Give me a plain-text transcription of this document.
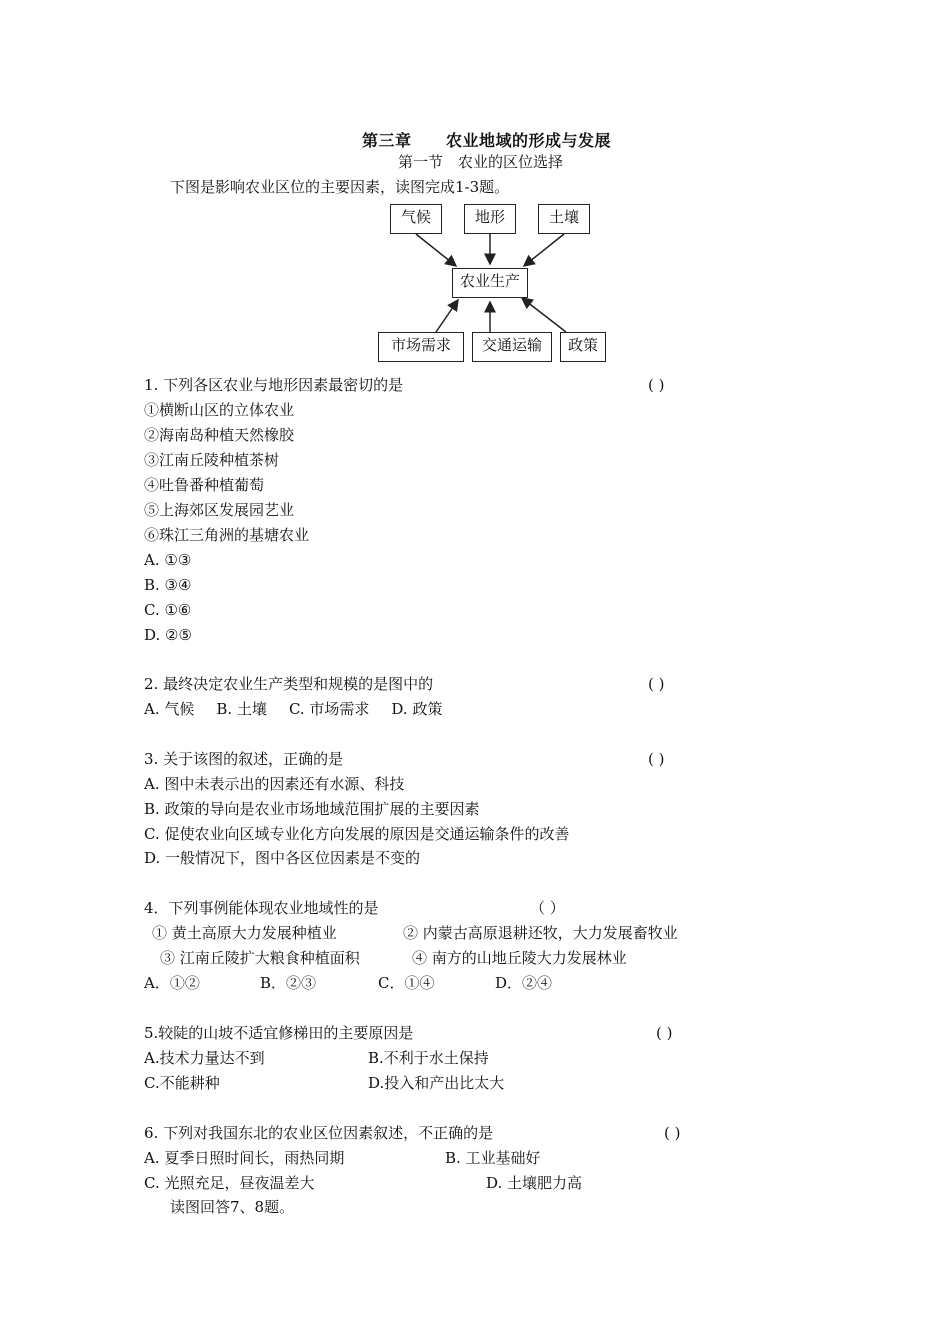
第三章 农业地域的形成与发展
第一节　农业的区位选择
下图是影响农业区位的主要因素，读图完成1-3题。
气候	地形	土壤
农业生产
市场需求	交通运输	政策
1. 下列各区农业与地形因素最密切的是	( )
①横断山区的立体农业
②海南岛种植天然橡胶
③江南丘陵种植茶树
④吐鲁番种植葡萄
⑤上海郊区发展园艺业
⑥珠江三角洲的基塘农业
A. ①③
B. ③④
C. ①⑥
D. ②⑤
2. 最终决定农业生产类型和规模的是图中的	( )
A. 气候 B. 土壤 C. 市场需求 D. 政策
3. 关于该图的叙述，正确的是	( )
A. 图中未表示出的因素还有水源、科技
B. 政策的导向是农业市场地域范围扩展的主要因素
C. 促使农业向区域专业化方向发展的原因是交通运输条件的改善
D. 一般情况下，图中各区位因素是不变的
4．下列事例能体现农业地域性的是	（ ）
① 黄土高原大力发展种植业	② 内蒙古高原退耕还牧，大力发展畜牧业
③ 江南丘陵扩大粮食种植面积	④ 南方的山地丘陵大力发展林业
A．①②	B．②③	C．①④	D．②④
5.较陡的山坡不适宜修梯田的主要原因是	( )
A.技术力量达不到	B.不利于水土保持
C.不能耕种	D.投入和产出比太大
6. 下列对我国东北的农业区位因素叙述，不正确的是	( )
A. 夏季日照时间长，雨热同期	B. 工业基础好
C. 光照充足，昼夜温差大	D. 土壤肥力高
读图回答7、8题。
